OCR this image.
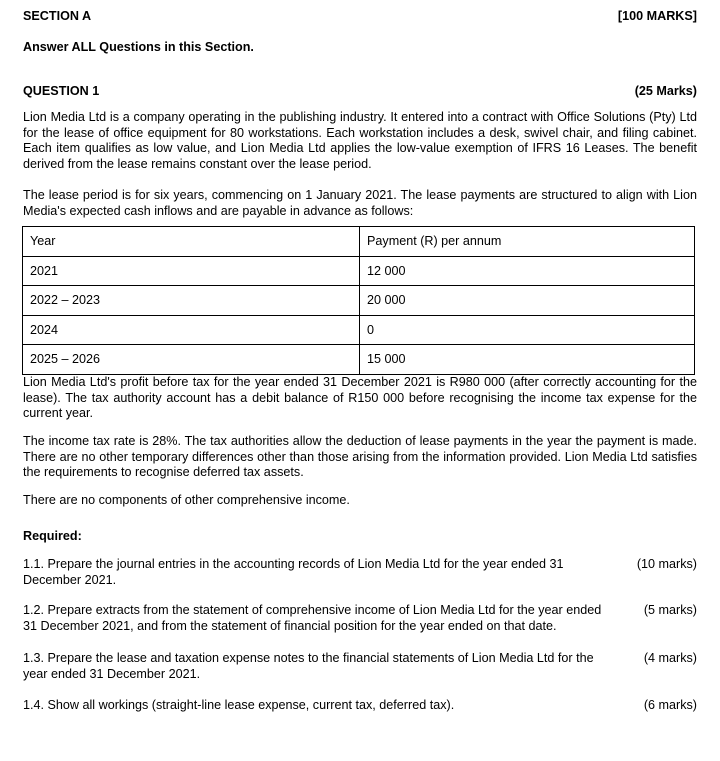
SECTION A	[100 MARKS]
Answer ALL Questions in this Section.
QUESTION 1	(25 Marks)
Lion Media Ltd is a company operating in the publishing industry. It entered into a contract with Office Solutions (Pty) Ltd for the lease of office equipment for 80 workstations. Each workstation includes a desk, swivel chair, and filing cabinet. Each item qualifies as low value, and Lion Media Ltd applies the low-value exemption of IFRS 16 Leases. The benefit derived from the lease remains constant over the lease period.
The lease period is for six years, commencing on 1 January 2021. The lease payments are structured to align with Lion Media's expected cash inflows and are payable in advance as follows:
Year	Payment (R) per annum
2021	12 000
2022 – 2023	20 000
2024	0
2025 – 2026	15 000
Lion Media Ltd's profit before tax for the year ended 31 December 2021 is R980 000 (after correctly accounting for the lease). The tax authority account has a debit balance of R150 000 before recognising the income tax expense for the current year.
The income tax rate is 28%. The tax authorities allow the deduction of lease payments in the year the payment is made. There are no other temporary differences other than those arising from the information provided. Lion Media Ltd satisfies the requirements to recognise deferred tax assets.
There are no components of other comprehensive income.
Required:
1.1. Prepare the journal entries in the accounting records of Lion Media Ltd for the year ended 31 December 2021.
(10 marks)
1.2. Prepare extracts from the statement of comprehensive income of Lion Media Ltd for the year ended 31 December 2021, and from the statement of financial position for the year ended on that date.
(5 marks)
1.3. Prepare the lease and taxation expense notes to the financial statements of Lion Media Ltd for the year ended 31 December 2021.
(4 marks)
1.4. Show all workings (straight-line lease expense, current tax, deferred tax).	(6 marks)
